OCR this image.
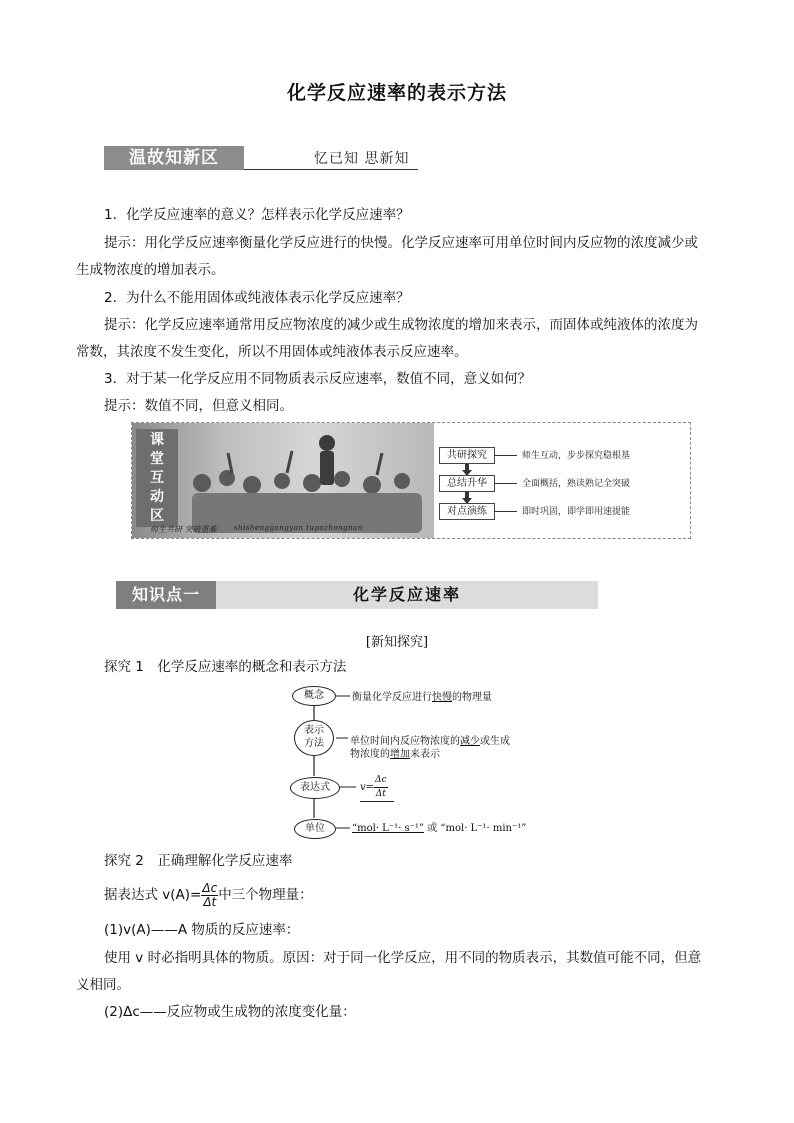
化学反应速率的表示方法
温故知新区	忆已知 思新知
1．化学反应速率的意义？怎样表示化学反应速率？
提示：用化学反应速率衡量化学反应进行的快慢。化学反应速率可用单位时间内反应物的浓度减少或
生成物浓度的增加表示。
2．为什么不能用固体或纯液体表示化学反应速率？
提示：化学反应速率通常用反应物浓度的减少或生成物浓度的增加来表示，而固体或纯液体的浓度为
常数，其浓度不发生变化，所以不用固体或纯液体表示反应速率。
3．对于某一化学反应用不同物质表示反应速率，数值不同，意义如何？
提示：数值不同，但意义相同。
课
堂
互
动
区
师生共研 突破重难 shishenggongyan tupozhongnan
共研探究	师生互动，步步探究稳根基
总结升华	全面概括，熟读熟记全突破
对点演练	即时巩固，即学即用速提能
知识点一	化学反应速率
[新知探究]
探究 1　化学反应速率的概念和表示方法
概念
表示方法
表达式
单位
衡量化学反应进行快慢的物理量
单位时间内反应物浓度的减少或生成
物浓度的增加来表示
$v= \frac{\Delta c}{\Delta t}$
“mol· L⁻¹· s⁻¹” 或 “mol· L⁻¹· min⁻¹”
探究 2　正确理解化学反应速率
据表达式 $v(A)= \frac{\Delta c}{\Delta t}$ 中三个物理量：
(1)v(A)——A 物质的反应速率：
使用 v 时必指明具体的物质。原因：对于同一化学反应，用不同的物质表示，其数值可能不同，但意
义相同。
(2)Δc——反应物或生成物的浓度变化量：
